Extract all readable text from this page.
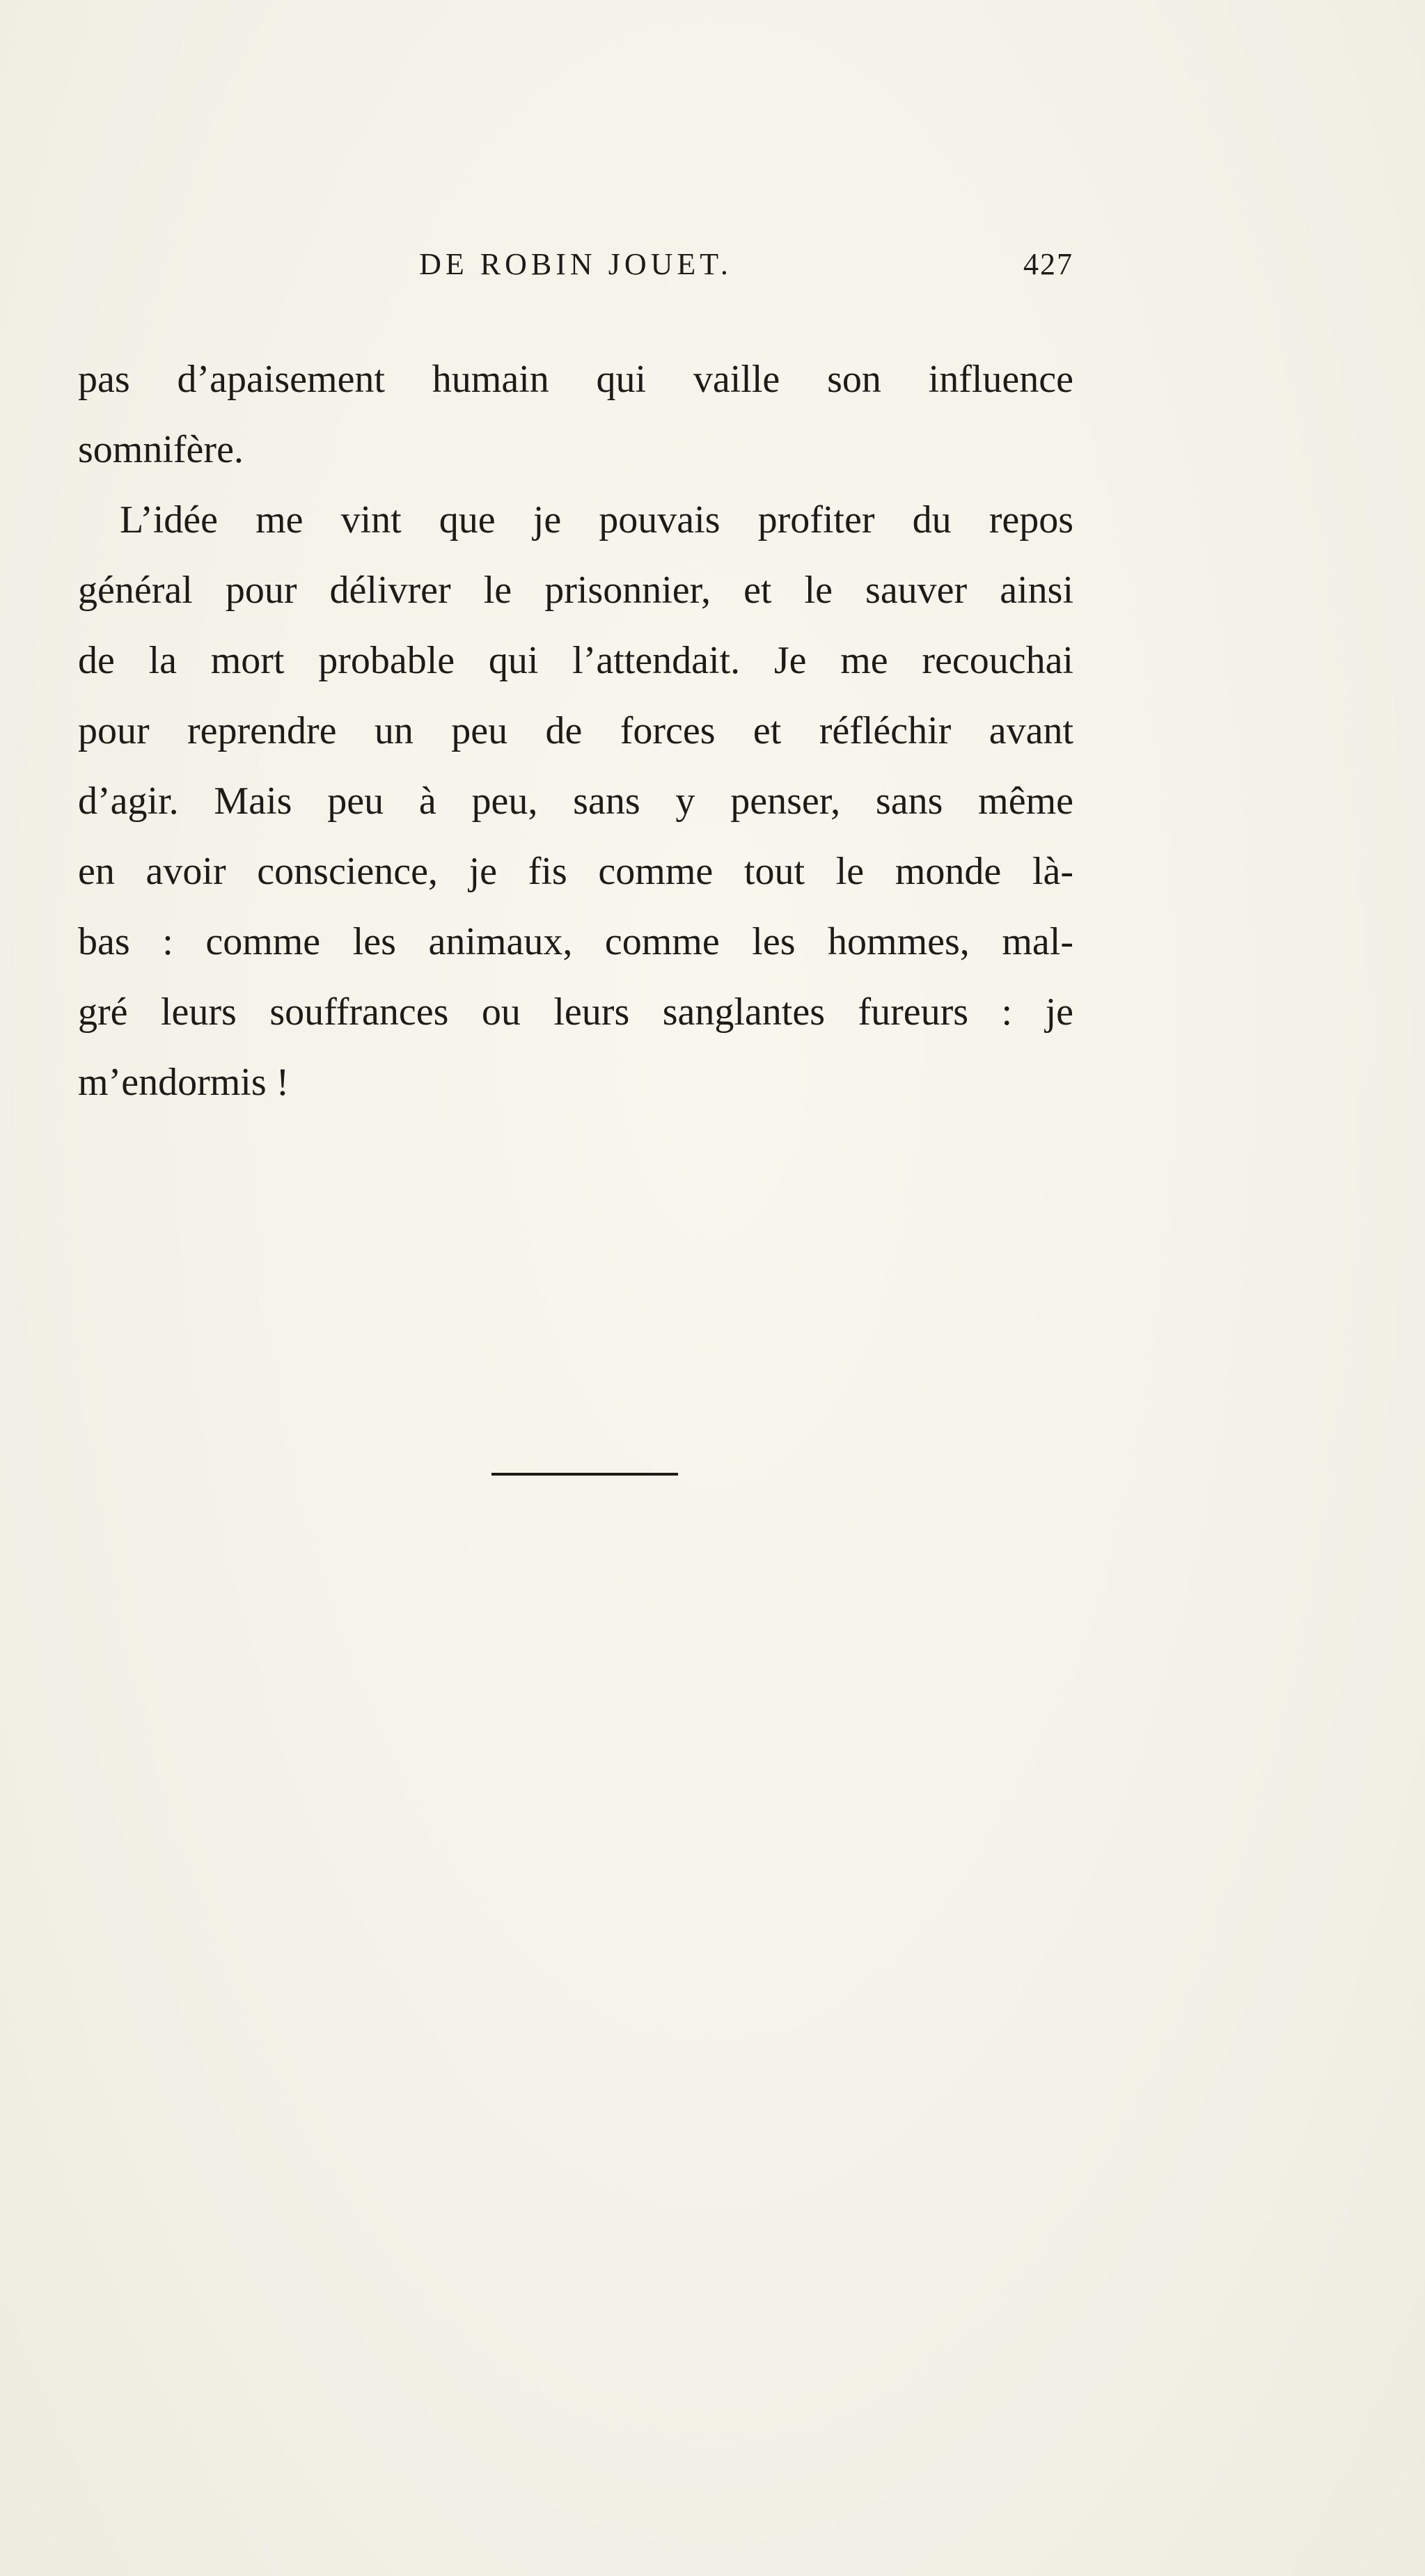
DE ROBIN JOUET.	427
pas d’apaisement humain qui vaille son influence
somnifère.
L’idée me vint que je pouvais profiter du repos
général pour délivrer le prisonnier, et le sauver ainsi
de la mort probable qui l’attendait. Je me recouchai
pour reprendre un peu de forces et réfléchir avant
d’agir. Mais peu à peu, sans y penser, sans même
en avoir conscience, je fis comme tout le monde là-
bas : comme les animaux, comme les hommes, mal-
gré leurs souffrances ou leurs sanglantes fureurs : je
m’endormis !
